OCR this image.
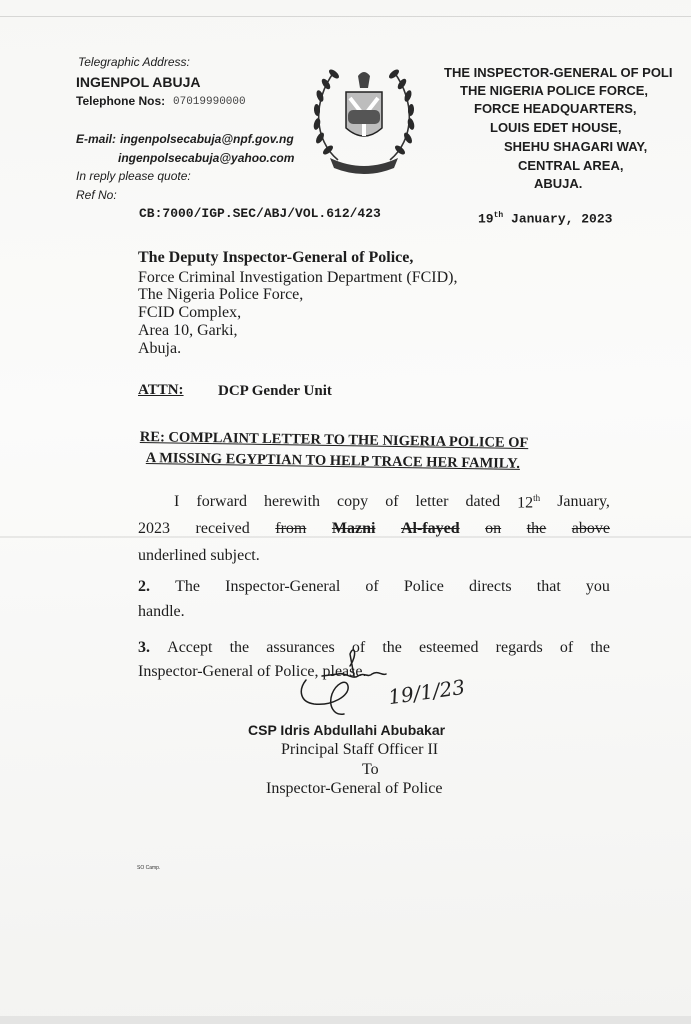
Telegraphic Address:
INGENPOL ABUJA
Telephone Nos: 07019990000
E-mail: ingenpolsecabuja@npf.gov.ng
ingenpolsecabuja@yahoo.com
In reply please quote:
Ref No:
THE INSPECTOR-GENERAL OF POLI
THE NIGERIA POLICE FORCE,
FORCE HEADQUARTERS,
LOUIS EDET HOUSE,
SHEHU SHAGARI WAY,
CENTRAL AREA,
ABUJA.
CB:7000/IGP.SEC/ABJ/VOL.612/423	19th January, 2023
The Deputy Inspector-General of Police,
Force Criminal Investigation Department (FCID),
The Nigeria Police Force,
FCID Complex,
Area 10, Garki,
Abuja.
ATTN: DCP Gender Unit
RE: COMPLAINT LETTER TO THE NIGERIA POLICE OF
A MISSING EGYPTIAN TO HELP TRACE HER FAMILY.
I forward herewith copy of letter dated 12th January,
2023 received from Mazni Al-fayed on the above
underlined subject.
2. The Inspector-General of Police directs that you
handle.
3. Accept the assurances of the esteemed regards of the
Inspector-General of Police, please.
19/1/23
CSP Idris Abdullahi Abubakar
Principal Staff Officer II
To
Inspector-General of Police
SO Camp.
